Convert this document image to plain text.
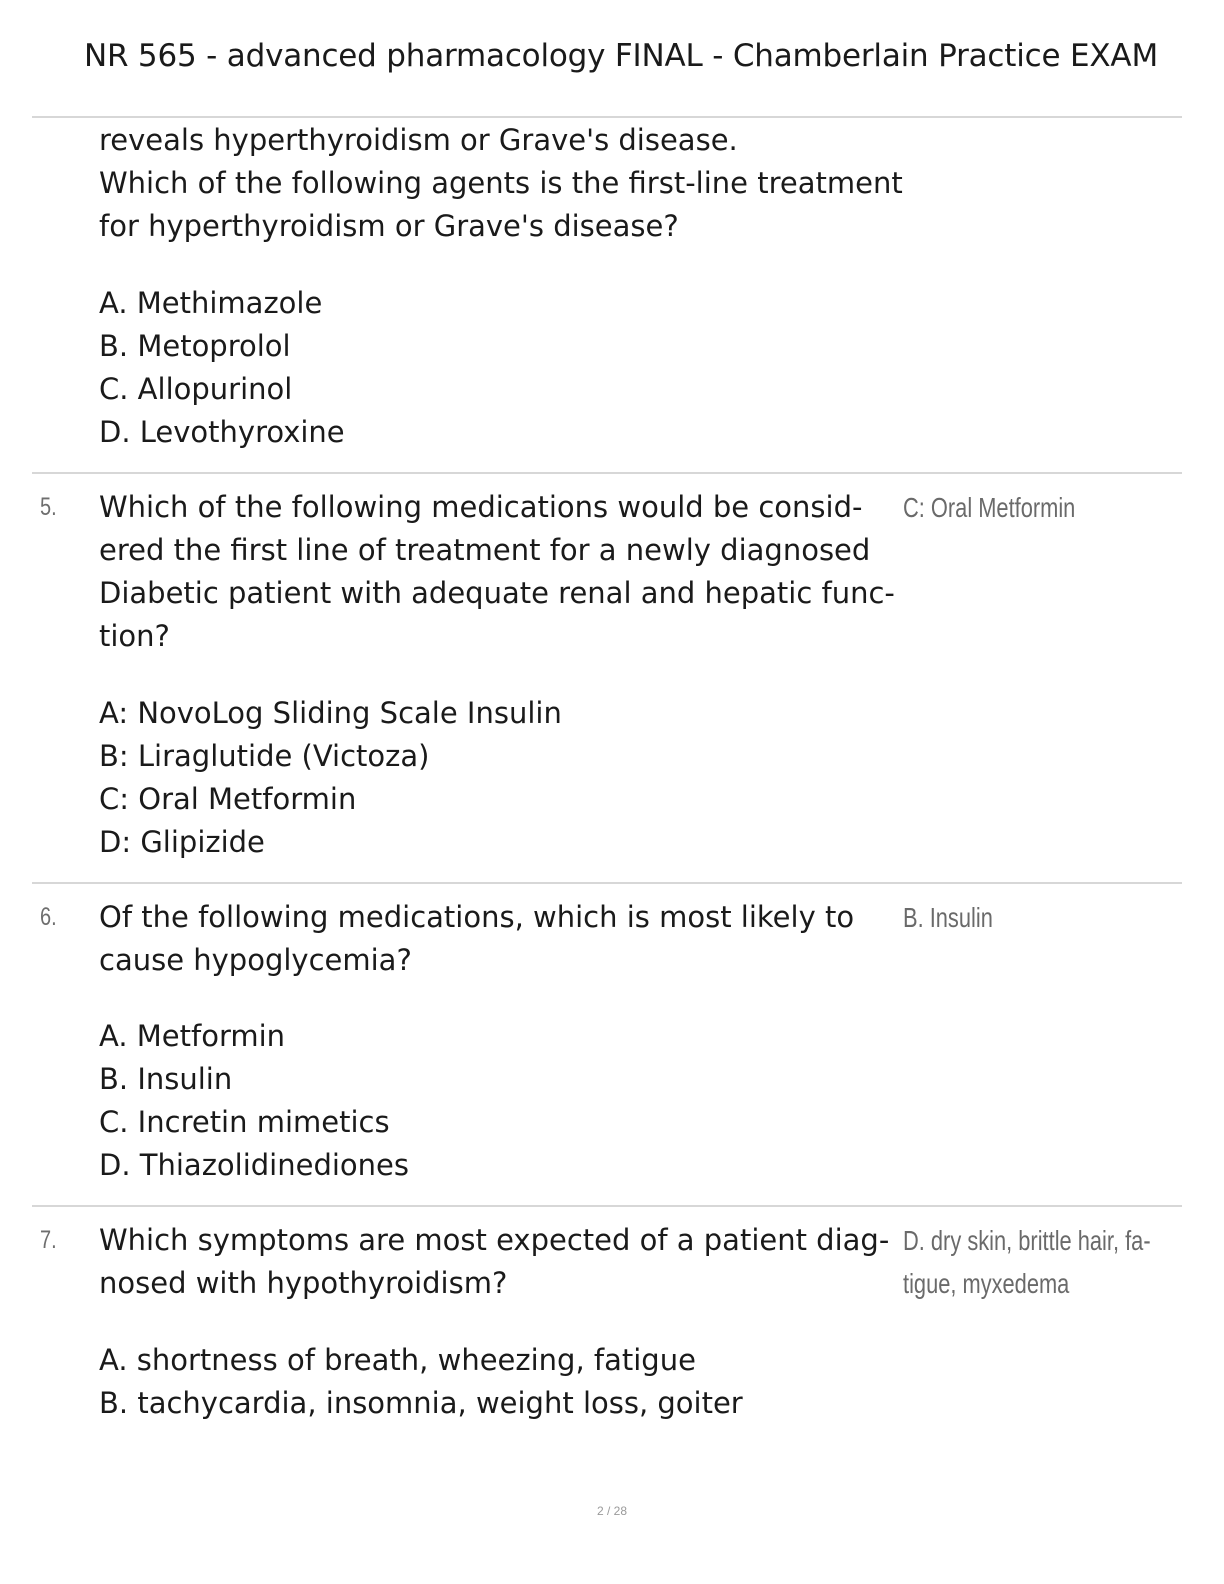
NR 565 - advanced pharmacology FINAL - Chamberlain Practice EXAM
reveals hyperthyroidism or Grave's disease.
Which of the following agents is the first-line treatment
for hyperthyroidism or Grave's disease?
A. Methimazole
B. Metoprolol
C. Allopurinol
D. Levothyroxine
5. Which of the following medications would be consid-
ered the first line of treatment for a newly diagnosed
Diabetic patient with adequate renal and hepatic func-
tion?
C: Oral Metformin
A: NovoLog Sliding Scale Insulin
B: Liraglutide (Victoza)
C: Oral Metformin
D: Glipizide
6. Of the following medications, which is most likely to
cause hypoglycemia?
B. Insulin
A. Metformin
B. Insulin
C. Incretin mimetics
D. Thiazolidinediones
7. Which symptoms are most expected of a patient diag-
nosed with hypothyroidism?
D. dry skin, brittle hair, fa-
tigue, myxedema
A. shortness of breath, wheezing, fatigue
B. tachycardia, insomnia, weight loss, goiter
2 / 28
